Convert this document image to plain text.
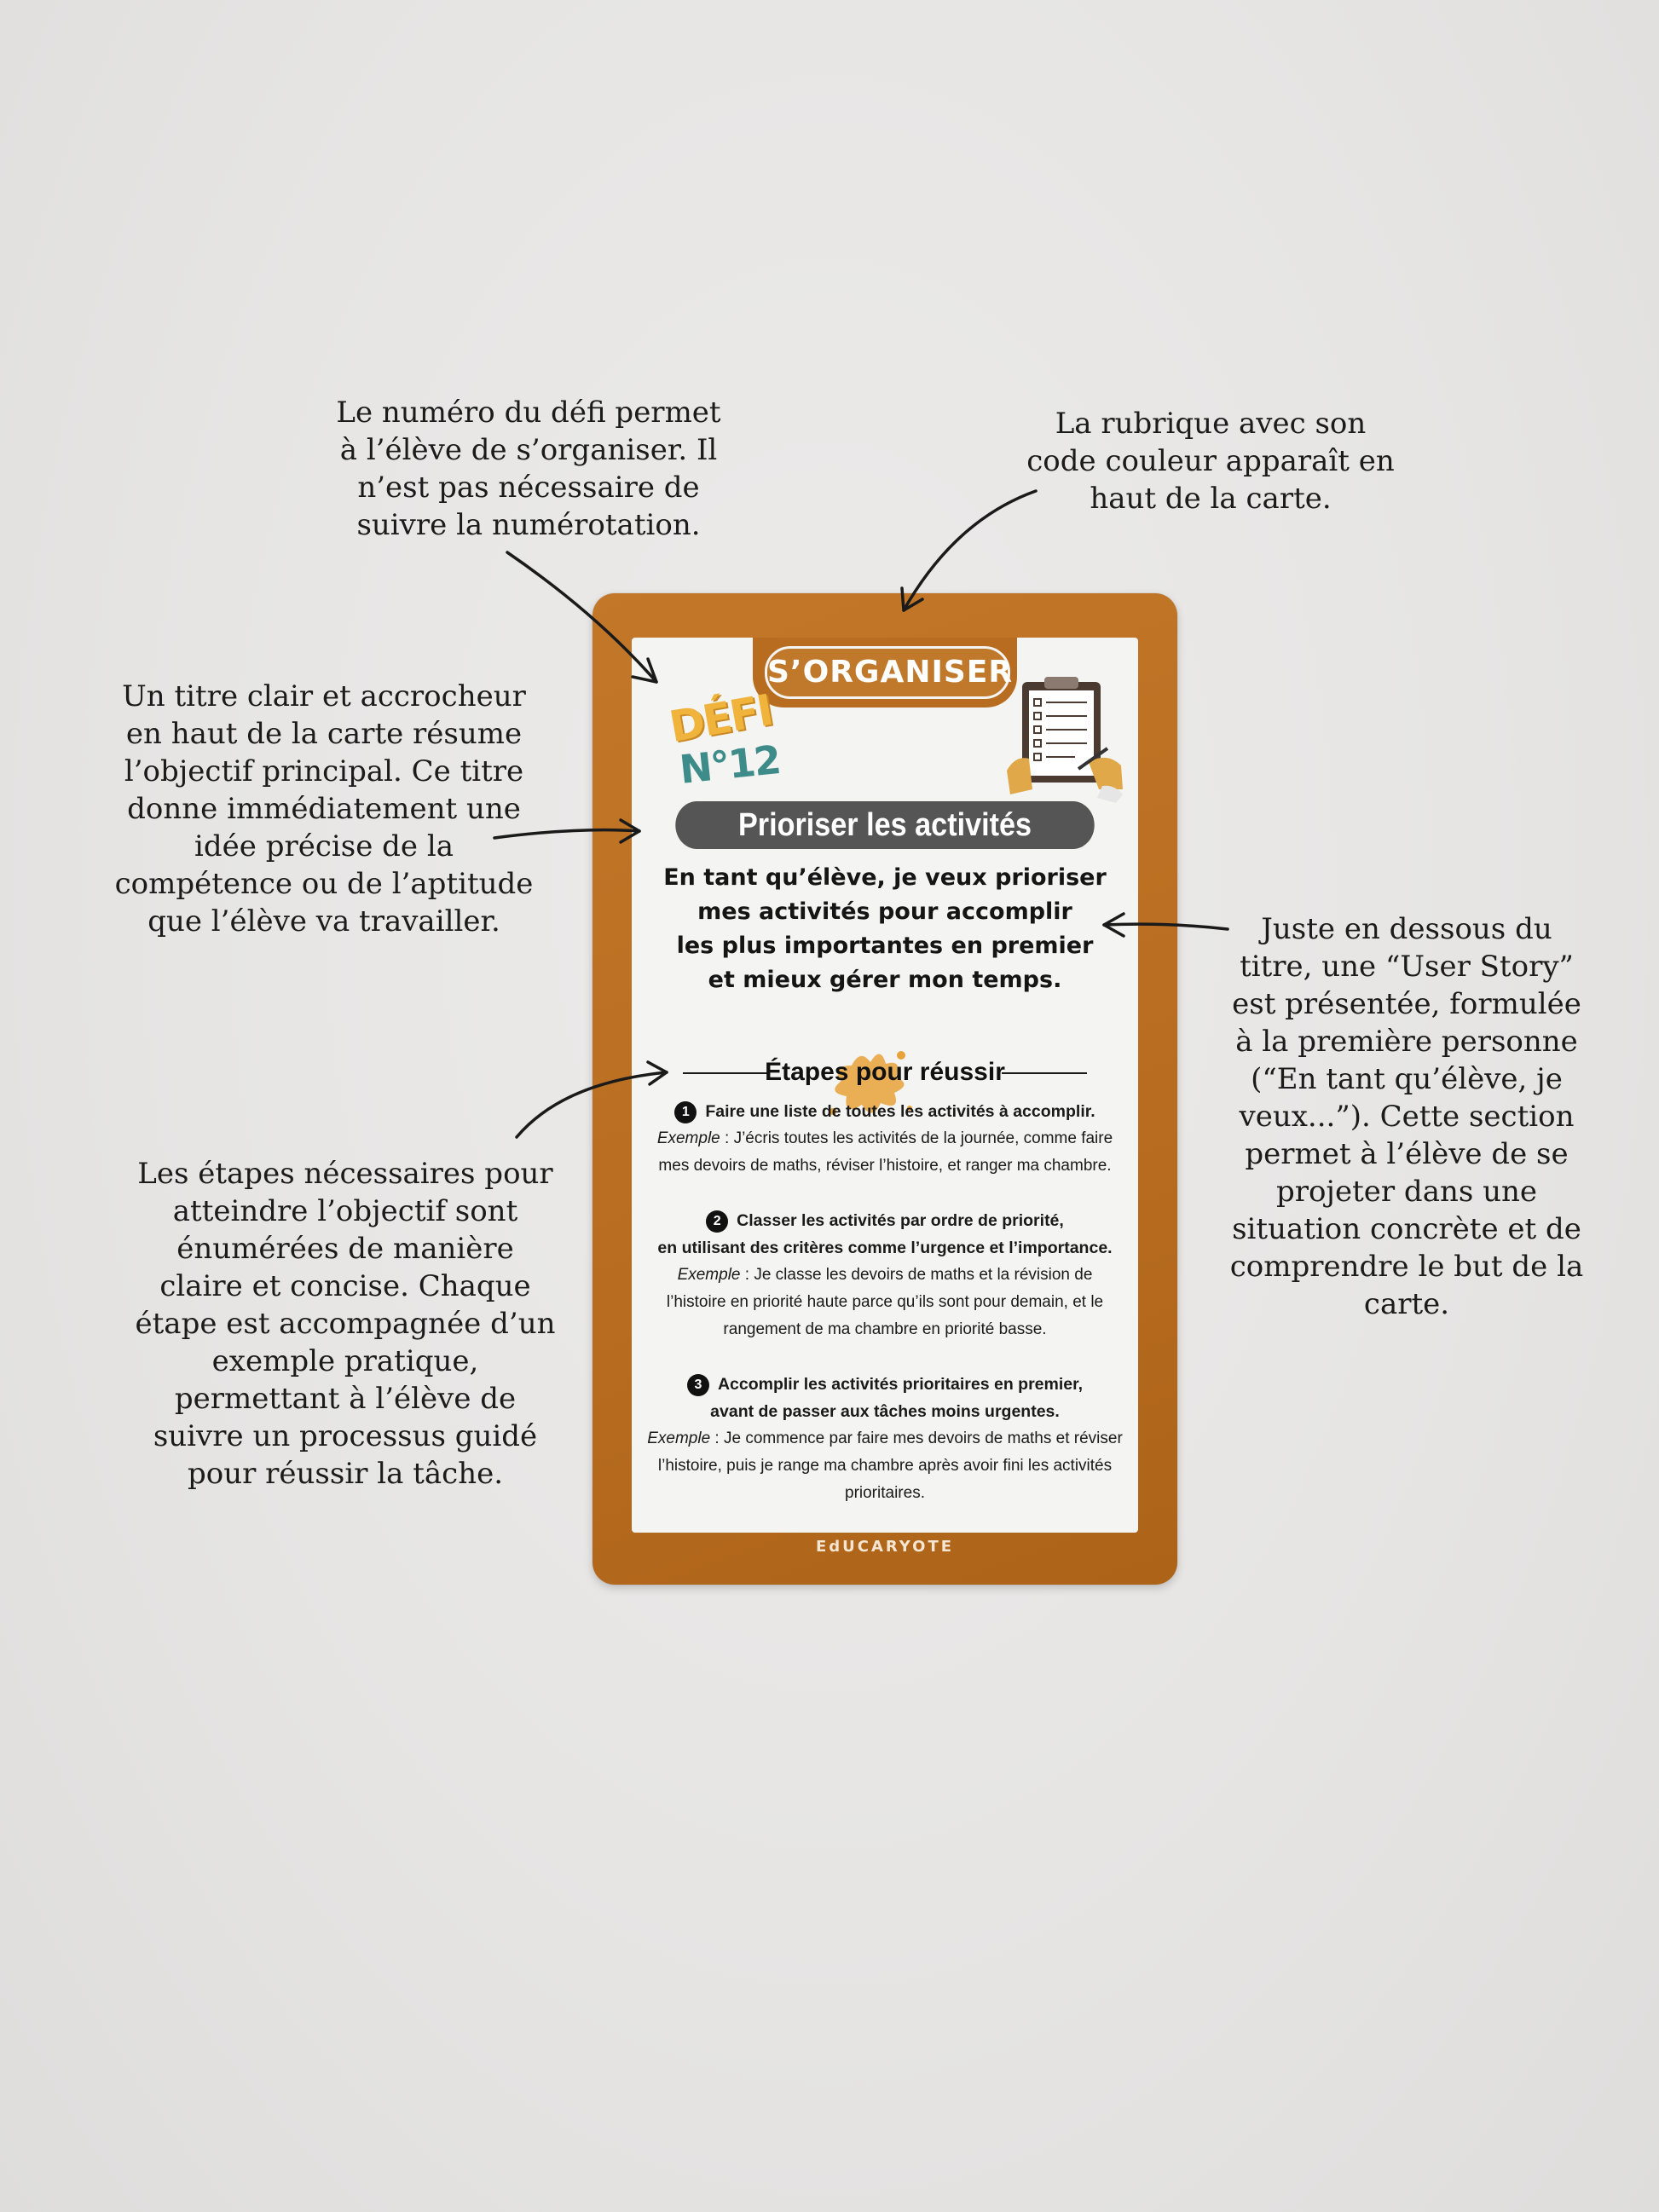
Le numéro du défi permet
à l’élève de s’organiser. Il
n’est pas nécessaire de
suivre la numérotation.
La rubrique avec son
code couleur apparaît en
haut de la carte.
Un titre clair et accrocheur
en haut de la carte résume
l’objectif principal. Ce titre
donne immédiatement une
idée précise de la
compétence ou de l’aptitude
que l’élève va travailler.	Juste en dessous du
titre, une “User Story”
est présentée, formulée
à la première personne
(“En tant qu’élève, je
veux...”). Cette section
permet à l’élève de se
projeter dans une
situation concrète et de
comprendre le but de la
carte.
Les étapes nécessaires pour
atteindre l’objectif sont
énumérées de manière
claire et concise. Chaque
étape est accompagnée d’un
exemple pratique,
permettant à l’élève de
suivre un processus guidé
pour réussir la tâche.
S’ORGANISER
DÉFI
N°12
Prioriser les activités
En tant qu’élève, je veux prioriser
mes activités pour accomplir
les plus importantes en premier
et mieux gérer mon temps.
Étapes pour réussir
1 Faire une liste de toutes les activités à accomplir.
Exemple : J’écris toutes les activités de la journée, comme faire mes devoirs de maths, réviser l’histoire, et ranger ma chambre.
2 Classer les activités par ordre de priorité,
en utilisant des critères comme l’urgence et l’importance.
Exemple : Je classe les devoirs de maths et la révision de l’histoire en priorité haute parce qu’ils sont pour demain, et le rangement de ma chambre en priorité basse.
3 Accomplir les activités prioritaires en premier,
avant de passer aux tâches moins urgentes.
Exemple : Je commence par faire mes devoirs de maths et réviser l’histoire, puis je range ma chambre après avoir fini les activités prioritaires.
EdUCARYOTE
